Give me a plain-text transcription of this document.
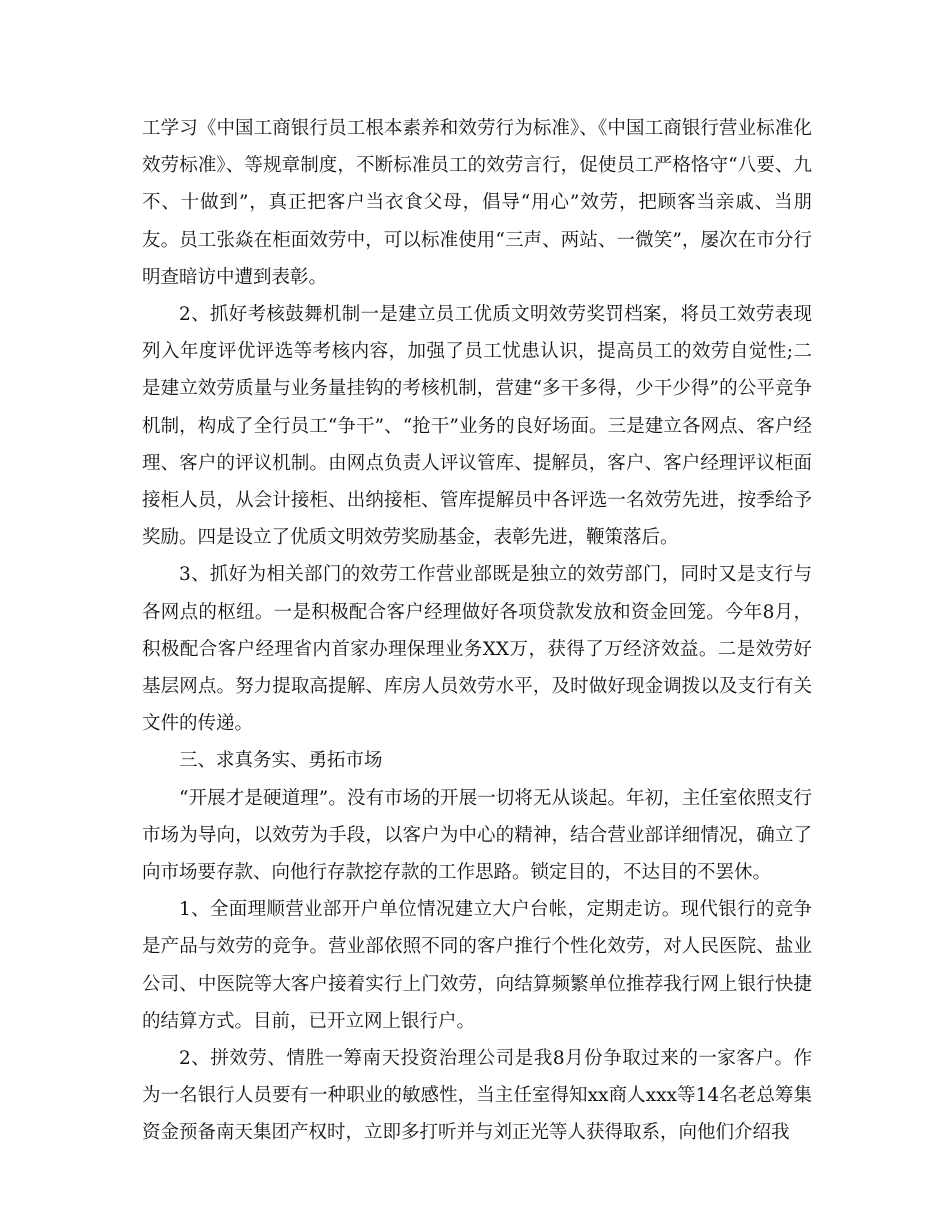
工学习《中国工商银行员工根本素养和效劳行为标准》、《中国工商银行营业标准化效劳标准》、等规章制度，不断标准员工的效劳言行，促使员工严格恪守“八要、九不、十做到”，真正把客户当衣食父母，倡导“用心”效劳，把顾客当亲戚、当朋友。员工张焱在柜面效劳中，可以标准使用“三声、两站、一微笑”，屡次在市分行明查暗访中遭到表彰。

2、抓好考核鼓舞机制一是建立员工优质文明效劳奖罚档案，将员工效劳表现列入年度评优评选等考核内容，加强了员工忧患认识，提高员工的效劳自觉性;二是建立效劳质量与业务量挂钩的考核机制，营建“多干多得，少干少得”的公平竞争机制，构成了全行员工“争干”、“抢干”业务的良好场面。三是建立各网点、客户经理、客户的评议机制。由网点负责人评议管库、提解员，客户、客户经理评议柜面接柜人员，从会计接柜、出纳接柜、管库提解员中各评选一名效劳先进，按季给予奖励。四是设立了优质文明效劳奖励基金，表彰先进，鞭策落后。

3、抓好为相关部门的效劳工作营业部既是独立的效劳部门，同时又是支行与各网点的枢纽。一是积极配合客户经理做好各项贷款发放和资金回笼。今年8月，积极配合客户经理省内首家办理保理业务XX万，获得了万经济效益。二是效劳好基层网点。努力提取高提解、库房人员效劳水平，及时做好现金调拨以及支行有关文件的传递。

三、求真务实、勇拓市场

“开展才是硬道理”。没有市场的开展一切将无从谈起。年初，主任室依照支行市场为导向，以效劳为手段，以客户为中心的精神，结合营业部详细情况，确立了向市场要存款、向他行存款挖存款的工作思路。锁定目的，不达目的不罢休。

1、全面理顺营业部开户单位情况建立大户台帐，定期走访。现代银行的竞争是产品与效劳的竞争。营业部依照不同的客户推行个性化效劳，对人民医院、盐业公司、中医院等大客户接着实行上门效劳，向结算频繁单位推荐我行网上银行快捷的结算方式。目前，已开立网上银行户。

2、拼效劳、情胜一筹南天投资治理公司是我8月份争取过来的一家客户。作为一名银行人员要有一种职业的敏感性，当主任室得知xx商人xxx等14名老总筹集资金预备南天集团产权时，立即多打听并与刘正光等人获得取系，向他们介绍我
